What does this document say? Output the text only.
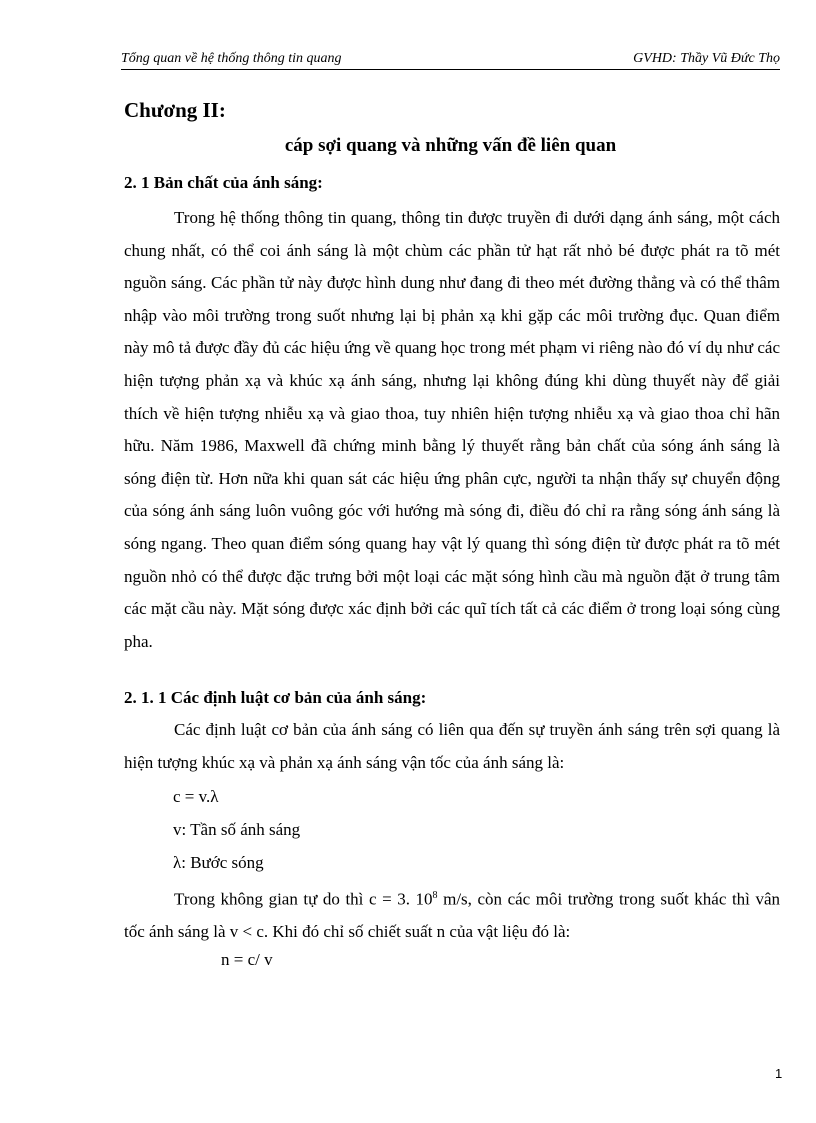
Tổng quan về hệ thống thông tin quang	GVHD: Thầy Vũ Đức Thọ
Chương II:
cáp sợi quang và những vấn đề liên quan
2. 1 Bản chất của ánh sáng:

Trong hệ thống thông tin quang, thông tin được truyền đi dưới dạng ánh sáng, một cách chung nhất, có thể coi ánh sáng là một chùm các phần tử hạt rất nhỏ bé được phát ra tõ mét nguồn sáng. Các phần tử này được hình dung như đang đi theo mét đường thẳng và có thể thâm nhập vào môi trường trong suốt nhưng lại bị phản xạ khi gặp các môi trường đục. Quan điểm này mô tả được đầy đủ các hiệu ứng về quang học trong mét phạm vi riêng nào đó ví dụ như các hiện tượng phản xạ và khúc xạ ánh sáng, nhưng lại không đúng khi dùng thuyết này để giải thích về hiện tượng nhiễu xạ và giao thoa, tuy nhiên hiện tượng nhiễu xạ và giao thoa chỉ hãn hữu. Năm 1986, Maxwell đã chứng minh bằng lý thuyết rằng bản chất của sóng ánh sáng là sóng điện từ. Hơn nữa khi quan sát các hiệu ứng phân cực, người ta nhận thấy sự chuyển động của sóng ánh sáng luôn vuông góc với hướng mà sóng đi, điều đó chỉ ra rằng sóng ánh sáng là sóng ngang. Theo quan điểm sóng quang hay vật lý quang thì sóng điện từ được phát ra tõ mét nguồn nhỏ có thể được đặc trưng bởi một loại các mặt sóng hình cầu mà nguồn đặt ở trung tâm các mặt cầu này. Mặt sóng được xác định bởi các quĩ tích tất cả các điểm ở trong loại sóng cùng pha.

2. 1. 1 Các định luật cơ bản của ánh sáng:

Các định luật cơ bản của ánh sáng có liên qua đến sự truyền ánh sáng trên sợi quang là hiện tượng khúc xạ và phản xạ ánh sáng vận tốc của ánh sáng là:

c = v.λ
v: Tần số ánh sáng
λ: Bước sóng

Trong không gian tự do thì c = 3. $10^8$ m/s, còn các môi trường trong suốt khác thì vân tốc ánh sáng là v < c. Khi đó chỉ số chiết suất n của vật liệu đó là:

n = c/ v
1
